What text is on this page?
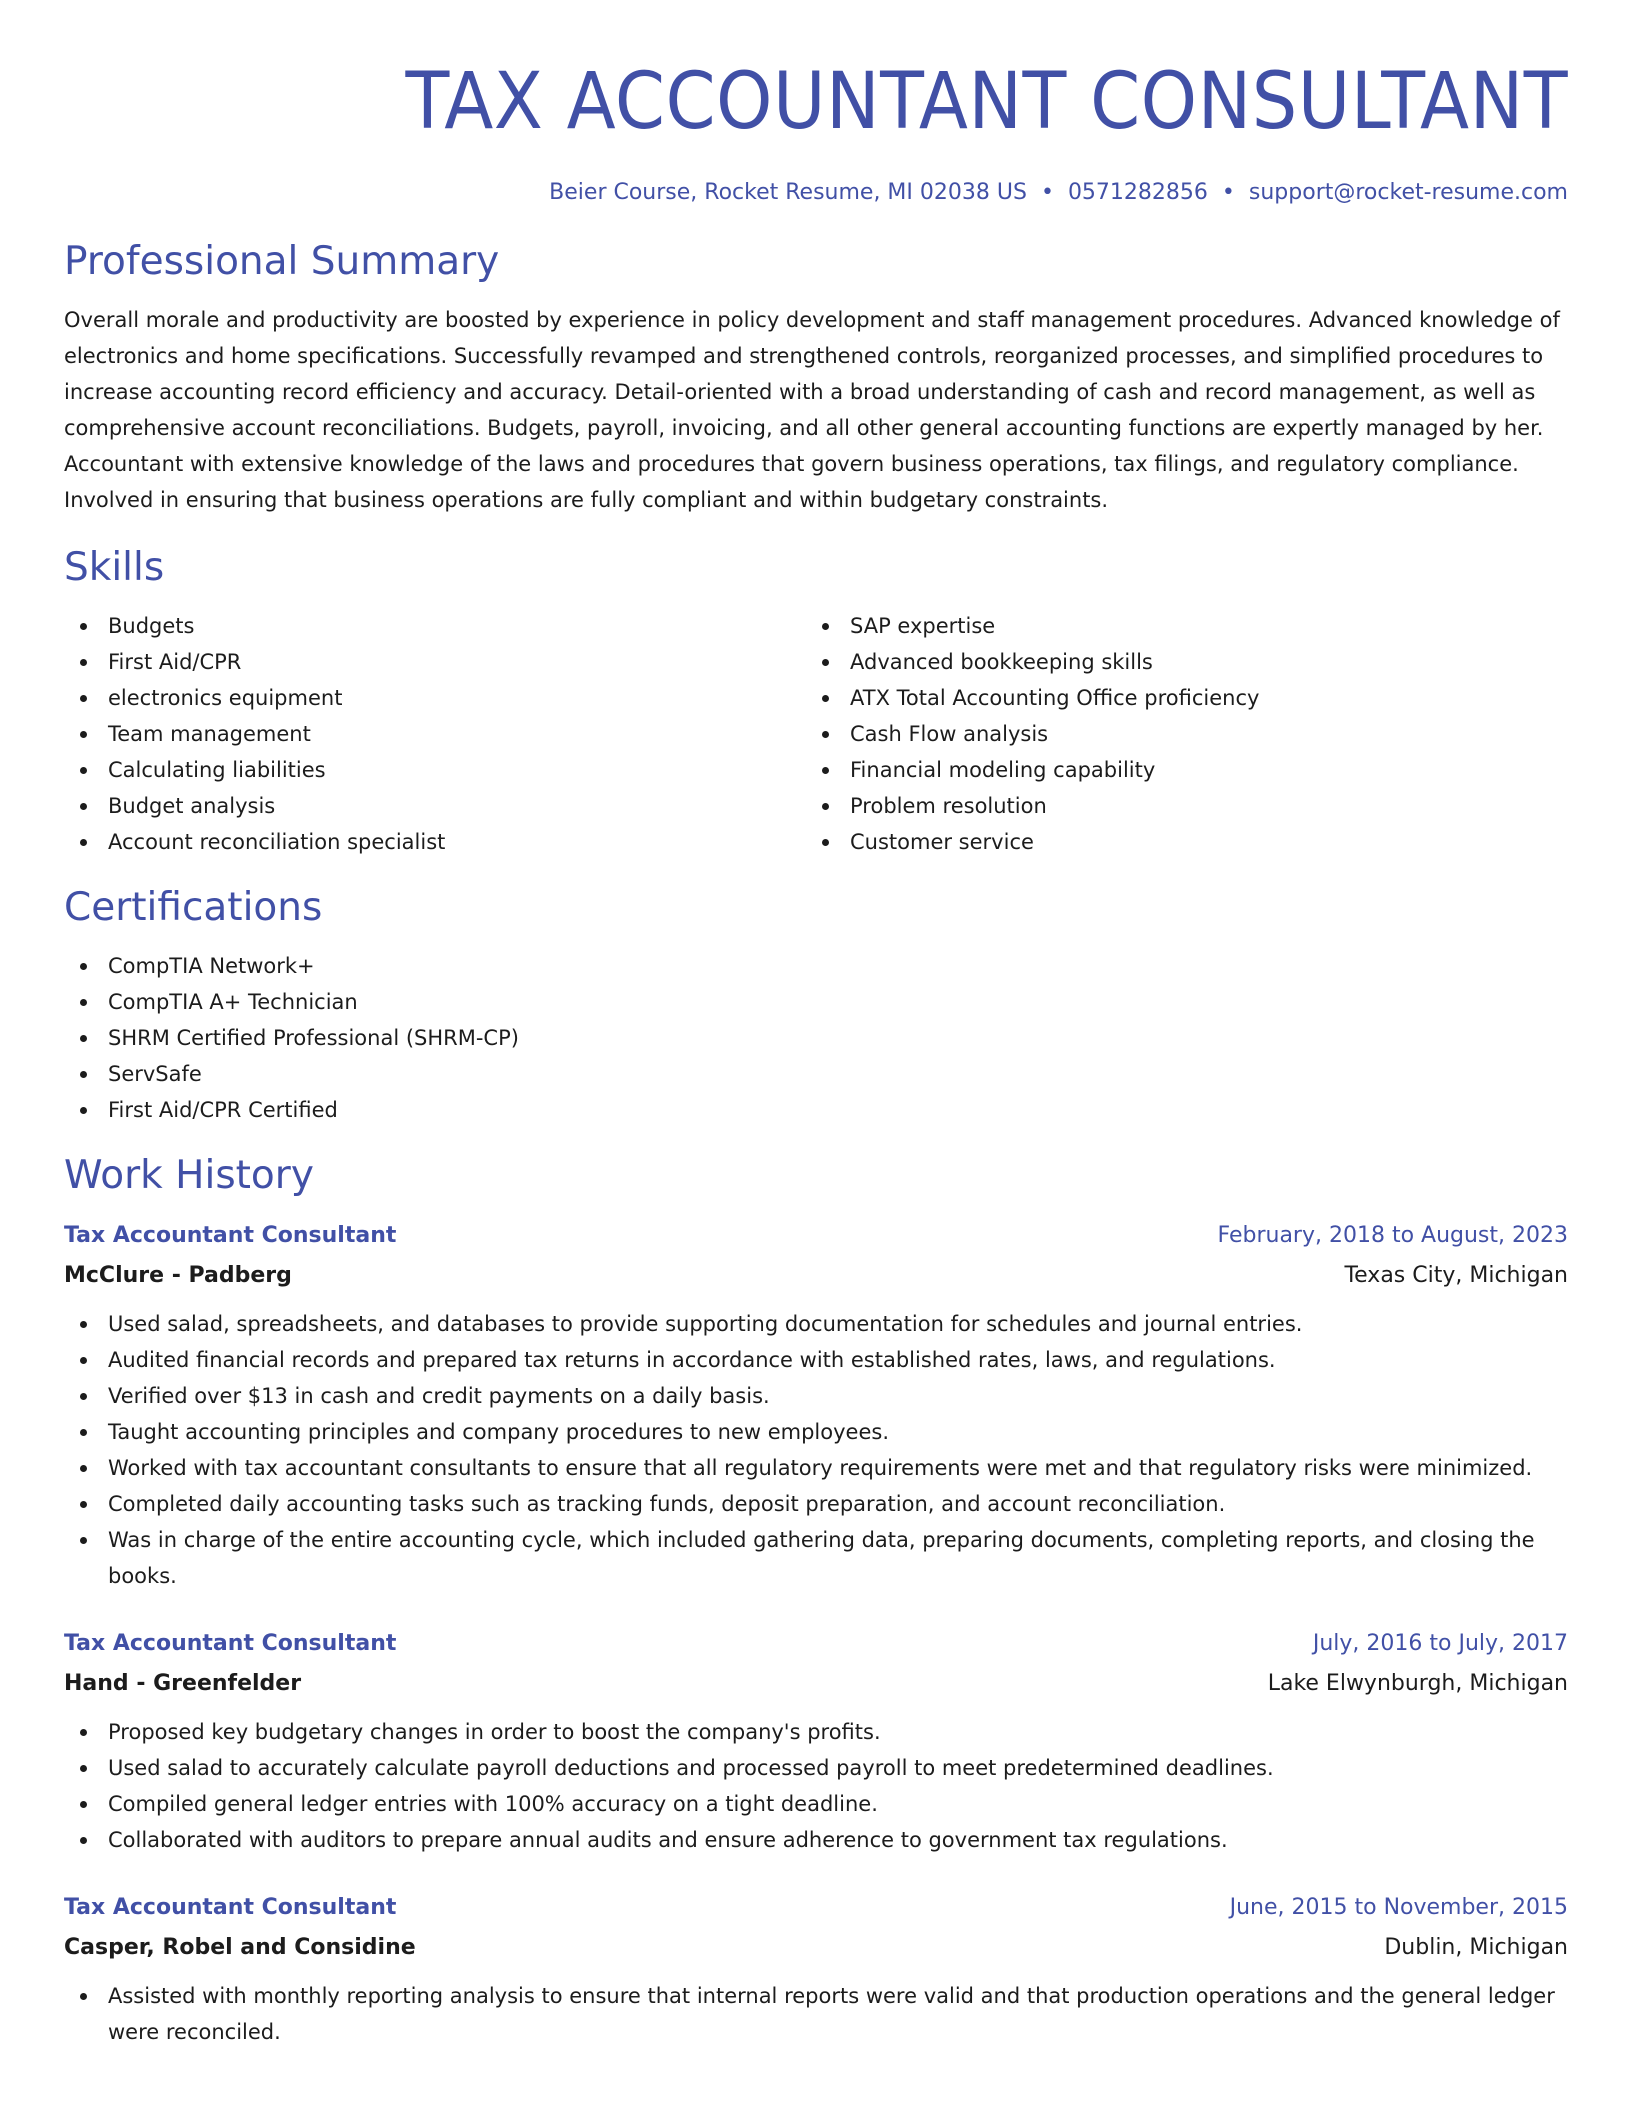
TAX ACCOUNTANT CONSULTANT
Beier Course, Rocket Resume, MI 02038 US • 0571282856 • support@rocket-resume.com
Professional Summary

Overall morale and productivity are boosted by experience in policy development and staff management procedures. Advanced knowledge of electronics and home specifications. Successfully revamped and strengthened controls, reorganized processes, and simplified procedures to increase accounting record efficiency and accuracy. Detail-oriented with a broad understanding of cash and record management, as well as comprehensive account reconciliations. Budgets, payroll, invoicing, and all other general accounting functions are expertly managed by her. Accountant with extensive knowledge of the laws and procedures that govern business operations, tax filings, and regulatory compliance. Involved in ensuring that business operations are fully compliant and within budgetary constraints.

Skills
Budgets
First Aid/CPR
electronics equipment
Team management
Calculating liabilities
Budget analysis
Account reconciliation specialist
SAP expertise
Advanced bookkeeping skills
ATX Total Accounting Office proficiency
Cash Flow analysis
Financial modeling capability
Problem resolution
Customer service
Certifications
CompTIA Network+
CompTIA A+ Technician
SHRM Certified Professional (SHRM-CP)
ServSafe
First Aid/CPR Certified
Work History
Tax Accountant Consultant	February, 2018 to August, 2023
McClure - Padberg	Texas City, Michigan
Used salad, spreadsheets, and databases to provide supporting documentation for schedules and journal entries.
Audited financial records and prepared tax returns in accordance with established rates, laws, and regulations.
Verified over $13 in cash and credit payments on a daily basis.
Taught accounting principles and company procedures to new employees.
Worked with tax accountant consultants to ensure that all regulatory requirements were met and that regulatory risks were minimized.
Completed daily accounting tasks such as tracking funds, deposit preparation, and account reconciliation.
Was in charge of the entire accounting cycle, which included gathering data, preparing documents, completing reports, and closing the books.
Tax Accountant Consultant	July, 2016 to July, 2017
Hand - Greenfelder	Lake Elwynburgh, Michigan
Proposed key budgetary changes in order to boost the company's profits.
Used salad to accurately calculate payroll deductions and processed payroll to meet predetermined deadlines.
Compiled general ledger entries with 100% accuracy on a tight deadline.
Collaborated with auditors to prepare annual audits and ensure adherence to government tax regulations.
Tax Accountant Consultant	June, 2015 to November, 2015
Casper, Robel and Considine	Dublin, Michigan
Assisted with monthly reporting analysis to ensure that internal reports were valid and that production operations and the general ledger were reconciled.
